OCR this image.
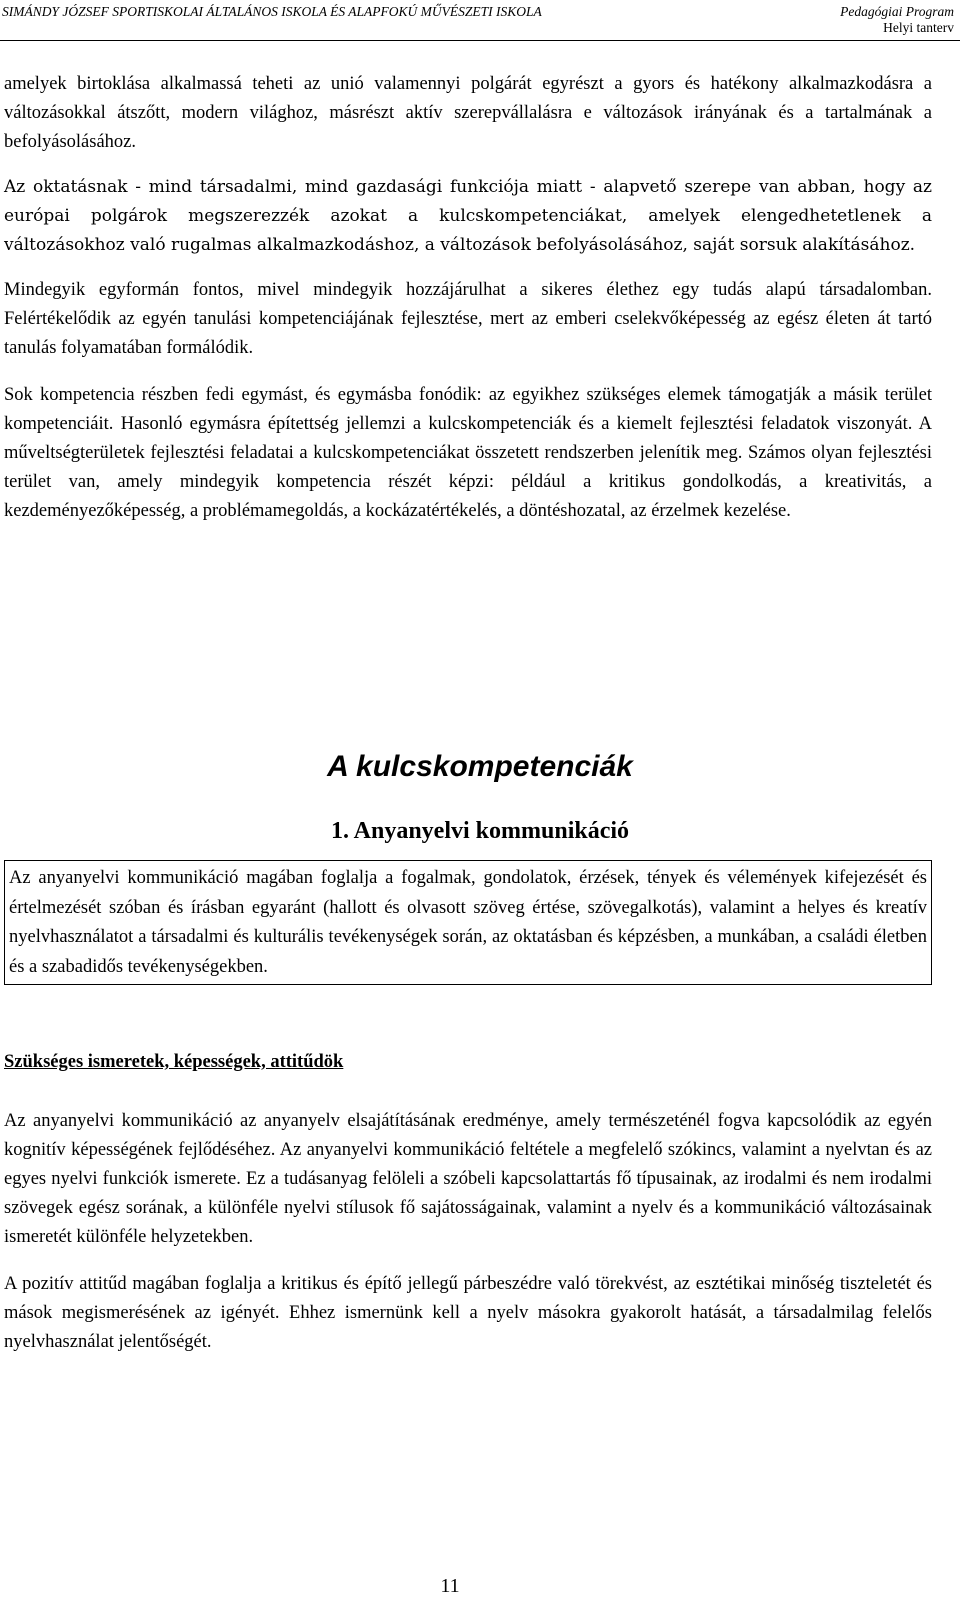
SIMÁNDY JÓZSEF SPORTISKOLAI ÁLTALÁNOS ISKOLA ÉS ALAPFOKÚ MŰVÉSZETI ISKOLA	Pedagógiai Program
Helyi tanterv

amelyek birtoklása alkalmassá teheti az unió valamennyi polgárát egyrészt a gyors és hatékony alkalmazkodásra a változásokkal átszőtt, modern világhoz, másrészt aktív szerepvállalásra e változások irányának és a tartalmának a befolyásolásához.

Az oktatásnak - mind társadalmi, mind gazdasági funkciója miatt - alapvető szerepe van abban, hogy az európai polgárok megszerezzék azokat a kulcskompetenciákat, amelyek elengedhetetlenek a változásokhoz való rugalmas alkalmazkodáshoz, a változások befolyásolásához, saját sorsuk alakításához.

Mindegyik egyformán fontos, mivel mindegyik hozzájárulhat a sikeres élethez egy tudás alapú társadalomban. Felértékelődik az egyén tanulási kompetenciájának fejlesztése, mert az emberi cselekvőképesség az egész életen át tartó tanulás folyamatában formálódik.

Sok kompetencia részben fedi egymást, és egymásba fonódik: az egyikhez szükséges elemek támogatják a másik terület kompetenciáit. Hasonló egymásra építettség jellemzi a kulcskompetenciák és a kiemelt fejlesztési feladatok viszonyát. A műveltségterületek fejlesztési feladatai a kulcskompetenciákat összetett rendszerben jelenítik meg. Számos olyan fejlesztési terület van, amely mindegyik kompetencia részét képzi: például a kritikus gondolkodás, a kreativitás, a kezdeményezőképesség, a problémamegoldás, a kockázatértékelés, a döntéshozatal, az érzelmek kezelése.

A kulcskompetenciák
1. Anyanyelvi kommunikáció
Az anyanyelvi kommunikáció magában foglalja a fogalmak, gondolatok, érzések, tények és vélemények kifejezését és értelmezését szóban és írásban egyaránt (hallott és olvasott szöveg értése, szövegalkotás), valamint a helyes és kreatív nyelvhasználatot a társadalmi és kulturális tevékenységek során, az oktatásban és képzésben, a munkában, a családi életben és a szabadidős tevékenységekben.
Szükséges ismeretek, képességek, attitűdök

Az anyanyelvi kommunikáció az anyanyelv elsajátításának eredménye, amely természeténél fogva kapcsolódik az egyén kognitív képességének fejlődéséhez. Az anyanyelvi kommunikáció feltétele a megfelelő szókincs, valamint a nyelvtan és az egyes nyelvi funkciók ismerete. Ez a tudásanyag felöleli a szóbeli kapcsolattartás fő típusainak, az irodalmi és nem irodalmi szövegek egész sorának, a különféle nyelvi stílusok fő sajátosságainak, valamint a nyelv és a kommunikáció változásainak ismeretét különféle helyzetekben.

A pozitív attitűd magában foglalja a kritikus és építő jellegű párbeszédre való törekvést, az esztétikai minőség tiszteletét és mások megismerésének az igényét. Ehhez ismernünk kell a nyelv másokra gyakorolt hatását, a társadalmilag felelős nyelvhasználat jelentőségét.

11
